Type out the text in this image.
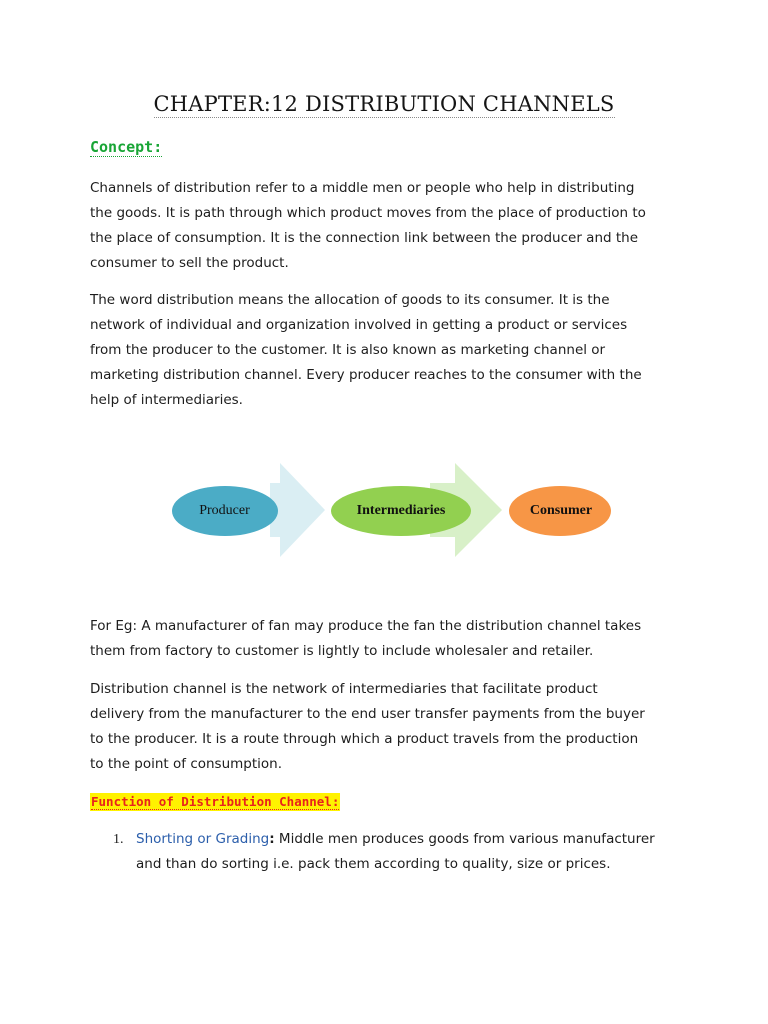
CHAPTER:12 DISTRIBUTION CHANNELS
Concept:

Channels of distribution refer to a middle men or people who help in distributing
the goods. It is path through which product moves from the place of production to
the place of consumption. It is the connection link between the producer and the
consumer to sell the product.

The word distribution means the allocation of goods to its consumer. It is the
network of individual and organization involved in getting a product or services
from the producer to the customer. It is also known as marketing channel or
marketing distribution channel. Every producer reaches to the consumer with the
help of intermediaries.

Producer	Intermediaries	Consumer

For Eg: A manufacturer of fan may produce the fan the distribution channel takes
them from factory to customer is lightly to include wholesaler and retailer.

Distribution channel is the network of intermediaries that facilitate product
delivery from the manufacturer to the end user transfer payments from the buyer
to the producer. It is a route through which a product travels from the production
to the point of consumption.

Function of Distribution Channel:
1. Shorting or Grading: Middle men produces goods from various manufacturer
and than do sorting i.e. pack them according to quality, size or prices.
